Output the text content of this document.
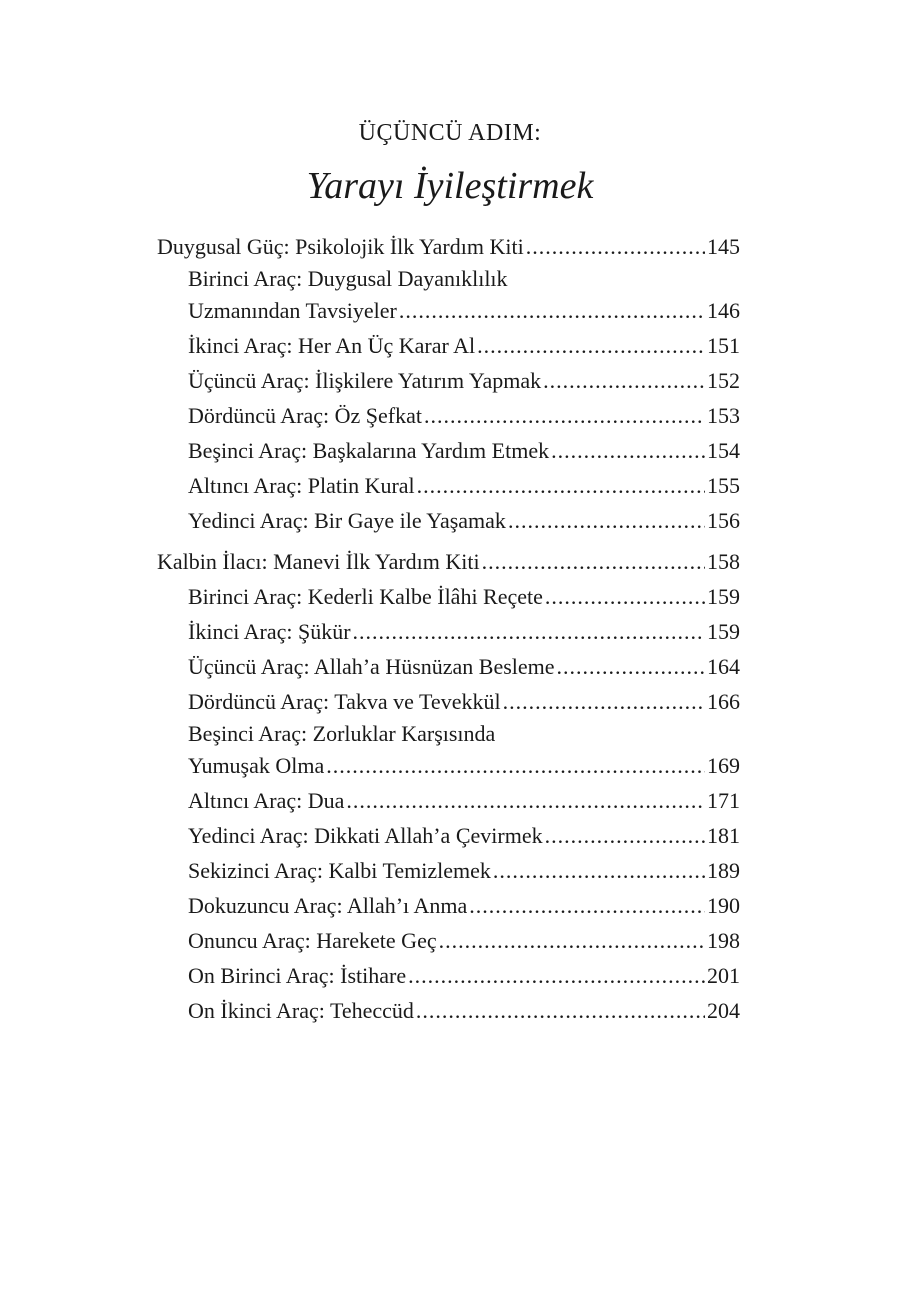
ÜÇÜNCÜ ADIM:
Yarayı İyileştirmek
Duygusal Güç: Psikolojik İlk Yardım Kiti .....	145
Birinci Araç: Duygusal Dayanıklılık
Uzmanından Tavsiyeler .....	146
İkinci Araç: Her An Üç Karar Al .....	151
Üçüncü Araç: İlişkilere Yatırım Yapmak .....	152
Dördüncü Araç: Öz Şefkat .....	153
Beşinci Araç: Başkalarına Yardım Etmek .....	154
Altıncı Araç: Platin Kural .....	155
Yedinci Araç: Bir Gaye ile Yaşamak .....	156
Kalbin İlacı: Manevi İlk Yardım Kiti .....	158
Birinci Araç: Kederli Kalbe İlâhi Reçete .....	159
İkinci Araç: Şükür .....	159
Üçüncü Araç: Allah’a Hüsnüzan Besleme .....	164
Dördüncü Araç: Takva ve Tevekkül .....	166
Beşinci Araç: Zorluklar Karşısında
Yumuşak Olma .....	169
Altıncı Araç: Dua .....	171
Yedinci Araç: Dikkati Allah’a Çevirmek .....	181
Sekizinci Araç: Kalbi Temizlemek .....	189
Dokuzuncu Araç: Allah’ı Anma .....	190
Onuncu Araç: Harekete Geç .....	198
On Birinci Araç: İstihare .....	201
On İkinci Araç: Teheccüd .....	204
